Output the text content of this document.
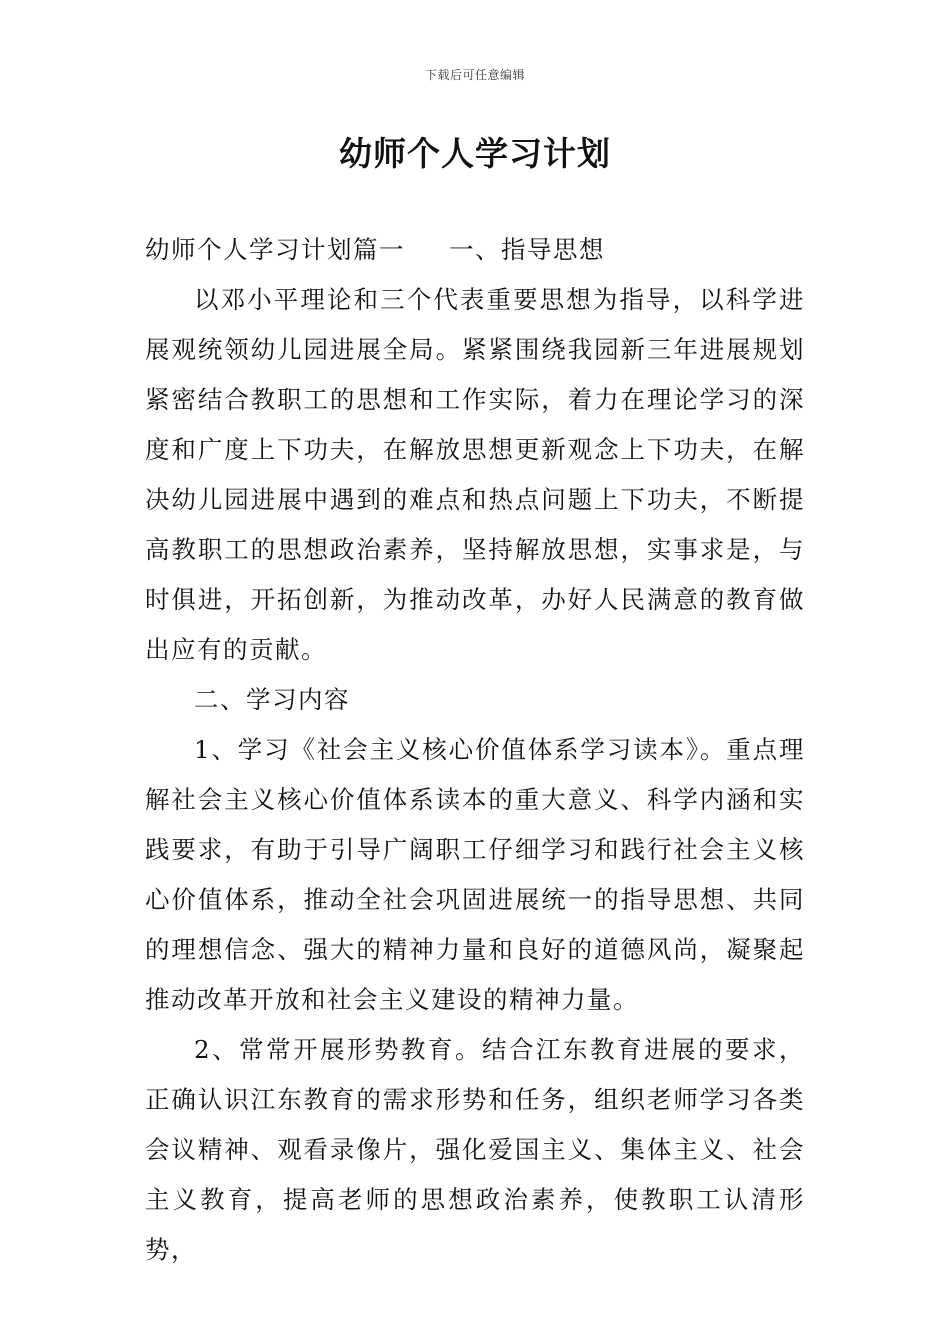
下载后可任意编辑
幼师个人学习计划

幼师个人学习计划篇一 一、指导思想

以邓小平理论和三个代表重要思想为指导，以科学进展观统领幼儿园进展全局。紧紧围绕我园新三年进展规划紧密结合教职工的思想和工作实际，着力在理论学习的深度和广度上下功夫，在解放思想更新观念上下功夫，在解决幼儿园进展中遇到的难点和热点问题上下功夫，不断提高教职工的思想政治素养，坚持解放思想，实事求是，与时俱进，开拓创新，为推动改革，办好人民满意的教育做出应有的贡献。

二、学习内容

1、学习《社会主义核心价值体系学习读本》。重点理解社会主义核心价值体系读本的重大意义、科学内涵和实践要求，有助于引导广阔职工仔细学习和践行社会主义核心价值体系，推动全社会巩固进展统一的指导思想、共同的理想信念、强大的精神力量和良好的道德风尚，凝聚起推动改革开放和社会主义建设的精神力量。

2、常常开展形势教育。结合江东教育进展的要求，正确认识江东教育的需求形势和任务，组织老师学习各类会议精神、观看录像片，强化爱国主义、集体主义、社会主义教育，提高老师的思想政治素养，使教职工认清形势，
